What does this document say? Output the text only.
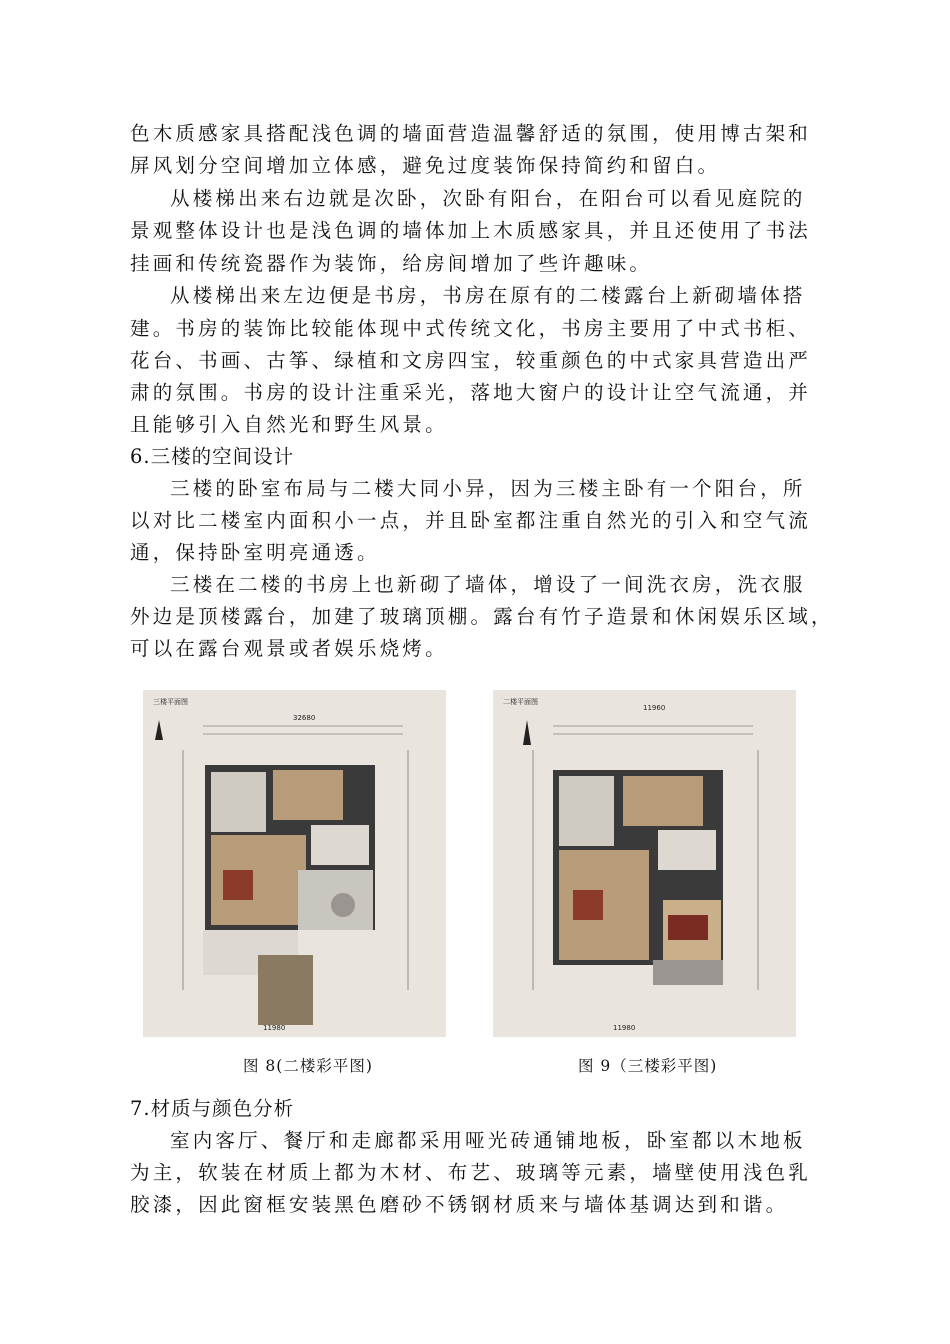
色木质感家具搭配浅色调的墙面营造温馨舒适的氛围，使用博古架和
屏风划分空间增加立体感，避免过度装饰保持简约和留白。
从楼梯出来右边就是次卧，次卧有阳台，在阳台可以看见庭院的
景观整体设计也是浅色调的墙体加上木质感家具，并且还使用了书法
挂画和传统瓷器作为装饰，给房间增加了些许趣味。
从楼梯出来左边便是书房，书房在原有的二楼露台上新砌墙体搭
建。书房的装饰比较能体现中式传统文化，书房主要用了中式书柜、
花台、书画、古筝、绿植和文房四宝，较重颜色的中式家具营造出严
肃的氛围。书房的设计注重采光，落地大窗户的设计让空气流通，并
且能够引入自然光和野生风景。
6.三楼的空间设计
三楼的卧室布局与二楼大同小异，因为三楼主卧有一个阳台，所
以对比二楼室内面积小一点，并且卧室都注重自然光的引入和空气流
通，保持卧室明亮通透。
三楼在二楼的书房上也新砌了墙体，增设了一间洗衣房，洗衣服
外边是顶楼露台，加建了玻璃顶棚。露台有竹子造景和休闲娱乐区域，
可以在露台观景或者娱乐烧烤。
三楼平面图
32680
11980
二楼平面图
11960
11980
图 8(二楼彩平图)	图 9（三楼彩平图)
7.材质与颜色分析
室内客厅、餐厅和走廊都采用哑光砖通铺地板，卧室都以木地板
为主，软装在材质上都为木材、布艺、玻璃等元素，墙壁使用浅色乳
胶漆，因此窗框安装黑色磨砂不锈钢材质来与墙体基调达到和谐。
